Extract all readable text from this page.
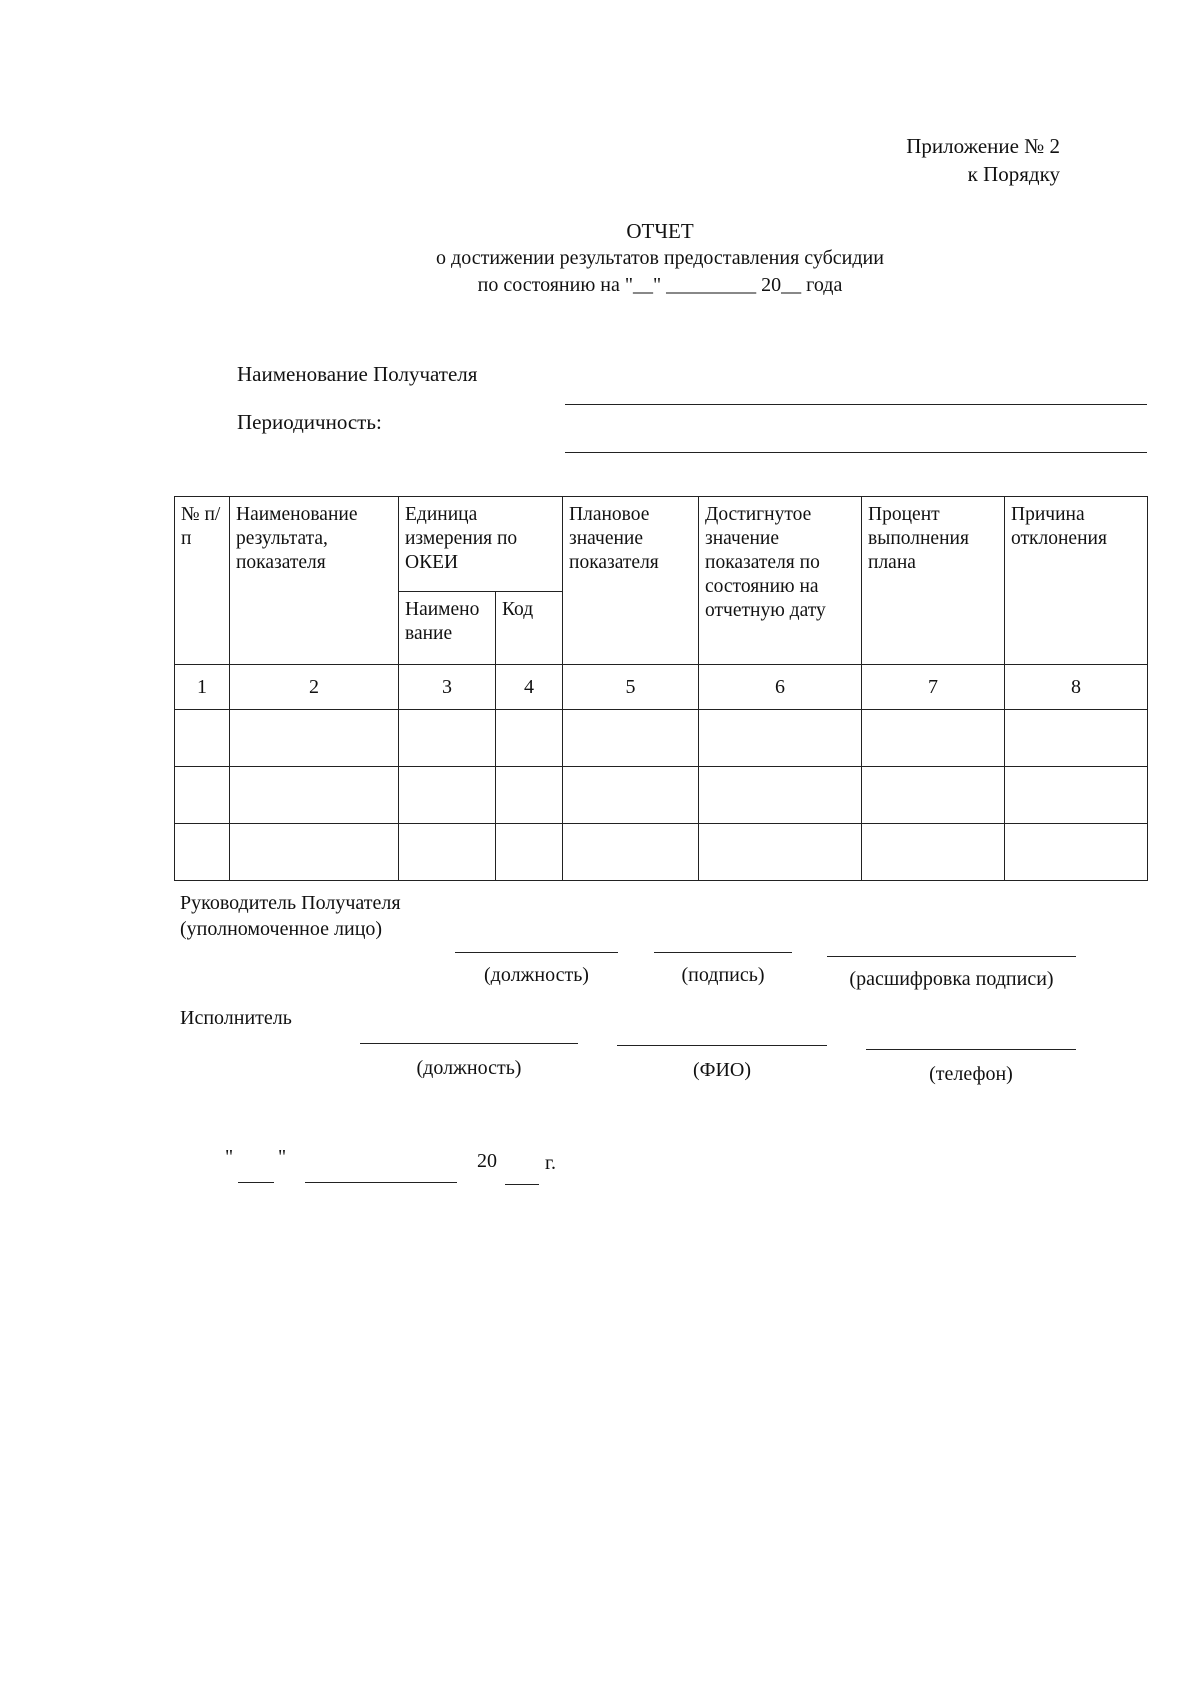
Приложение № 2
к Порядку
ОТЧЕТ
о достижении результатов предоставления субсидии
по состоянию на "__" _________ 20__ года
Наименование Получателя
Периодичность:
№ п/п	Наименование результата, показателя	Единица измерения по ОКЕИ		Плановое значение показателя	Достигнутое значение показателя по состоянию на отчетную дату	Процент выполнения плана	Причина отклонения
		Наимено вание	Код				
1	2	3	4	5	6	7	8

Руководитель Получателя
(уполномоченное лицо)
(должность)	(подпись)	(расшифровка подписи)
Исполнитель
(должность)	(ФИО)	(телефон)
" "	20 г.
